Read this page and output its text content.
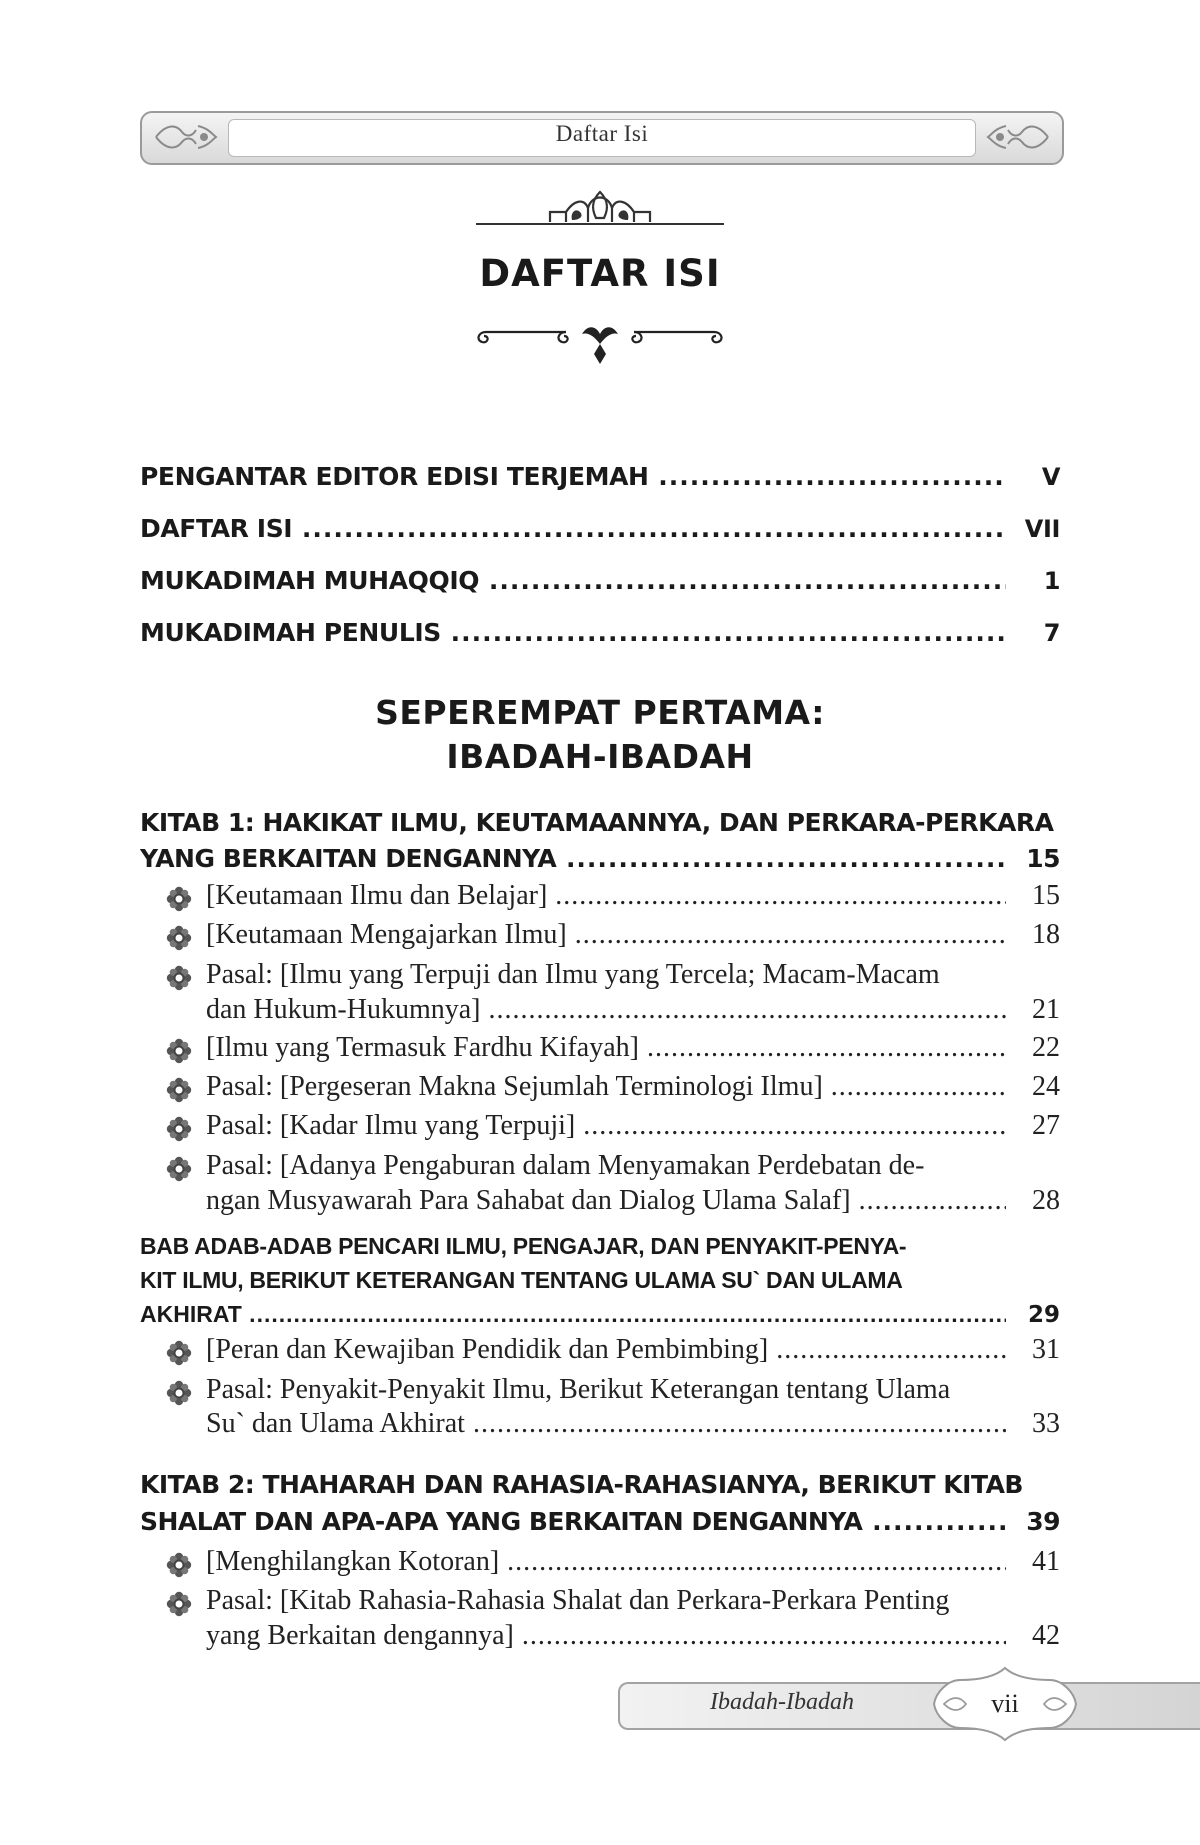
Daftar Isi
DAFTAR ISI
PENGANTAR EDITOR EDISI TERJEMAH .....	V
DAFTAR ISI .....	VII
MUKADIMAH MUHAQQIQ .....	1
MUKADIMAH PENULIS .....	7
SEPEREMPAT PERTAMA:
IBADAH-IBADAH
KITAB 1: HAKIKAT ILMU, KEUTAMAANNYA, DAN PERKARA-PERKARA
YANG BERKAITAN DENGANNYA .....	15
[Keutamaan Ilmu dan Belajar] .....	15
[Keutamaan Mengajarkan Ilmu] .....	18
Pasal: [Ilmu yang Terpuji dan Ilmu yang Tercela; Macam-Macam
dan Hukum-Hukumnya] .....	21
[Ilmu yang Termasuk Fardhu Kifayah] .....	22
Pasal: [Pergeseran Makna Sejumlah Terminologi Ilmu] .....	24
Pasal: [Kadar Ilmu yang Terpuji] .....	27
Pasal: [Adanya Pengaburan dalam Menyamakan Perdebatan de-
ngan Musyawarah Para Sahabat dan Dialog Ulama Salaf] .....	28
BAB ADAB-ADAB PENCARI ILMU, PENGAJAR, DAN PENYAKIT-PENYA-
KIT ILMU, BERIKUT KETERANGAN TENTANG ULAMA SU` DAN ULAMA
AKHIRAT .....	29
[Peran dan Kewajiban Pendidik dan Pembimbing] .....	31
Pasal: Penyakit-Penyakit Ilmu, Berikut Keterangan tentang Ulama
Su` dan Ulama Akhirat .....	33
KITAB 2: THAHARAH DAN RAHASIA-RAHASIANYA, BERIKUT KITAB
SHALAT DAN APA-APA YANG BERKAITAN DENGANNYA .....	39
[Menghilangkan Kotoran] .....	41
Pasal: [Kitab Rahasia-Rahasia Shalat dan Perkara-Perkara Penting
yang Berkaitan dengannya] .....	42
Ibadah-Ibadah	vii
